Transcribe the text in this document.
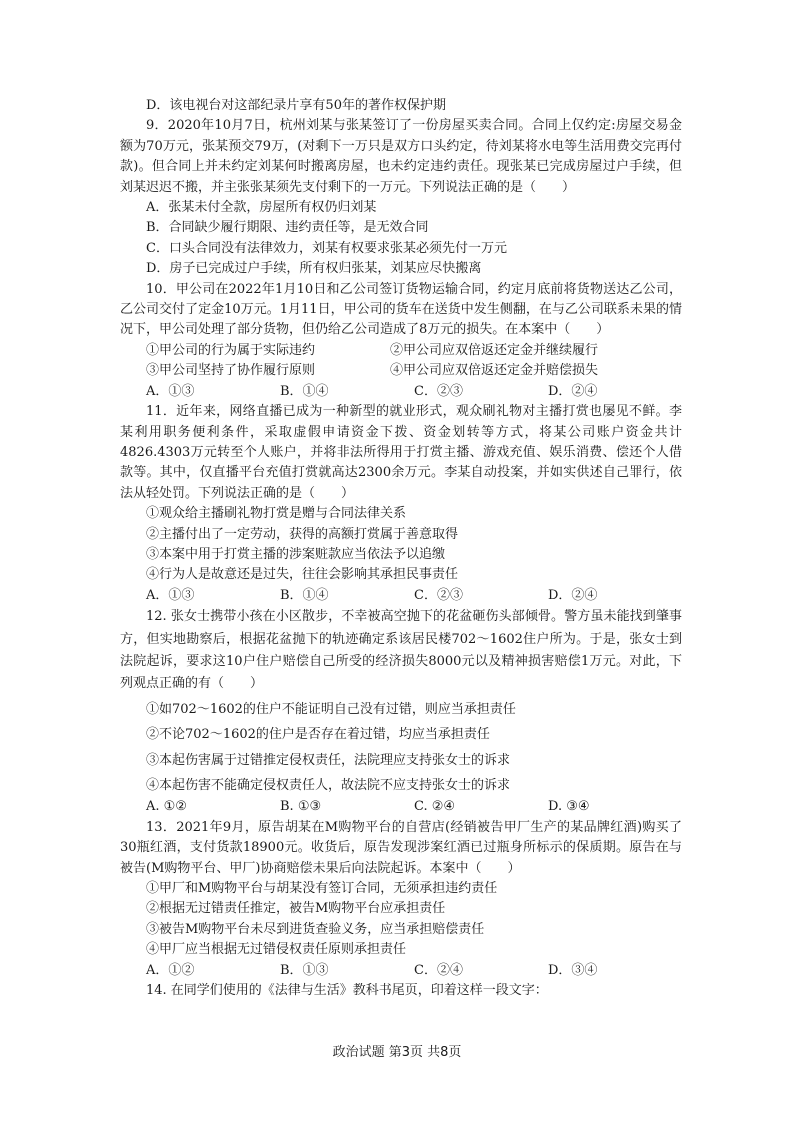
D．该电视台对这部纪录片享有50年的著作权保护期

9．2020年10月7日，杭州刘某与张某签订了一份房屋买卖合同。合同上仅约定:房屋交易金额为70万元，张某预交79万，(对剩下一万只是双方口头约定，待刘某将水电等生活用费交完再付款)。但合同上并未约定刘某何时搬离房屋，也未约定违约责任。现张某已完成房屋过户手续，但刘某迟迟不搬，并主张张某须先支付剩下的一万元。下列说法正确的是（　　）

A．张某未付全款，房屋所有权仍归刘某

B．合同缺少履行期限、违约责任等，是无效合同

C．口头合同没有法律效力，刘某有权要求张某必须先付一万元

D．房子已完成过户手续，所有权归张某，刘某应尽快搬离

10．甲公司在2022年1月10日和乙公司签订货物运输合同，约定月底前将货物送达乙公司，乙公司交付了定金10万元。1月11日，甲公司的货车在送货中发生侧翻，在与乙公司联系未果的情况下，甲公司处理了部分货物，但仍给乙公司造成了8万元的损失。在本案中（　　）

①甲公司的行为属于实际违约	②甲公司应双倍返还定金并继续履行
③甲公司坚持了协作履行原则	④甲公司应双倍返还定金并赔偿损失
A．①③	B．①④	C．②③	D．②④

11．近年来，网络直播已成为一种新型的就业形式，观众刷礼物对主播打赏也屡见不鲜。李某利用职务便利条件，采取虚假申请资金下拨、资金划转等方式，将某公司账户资金共计4826.4303万元转至个人账户，并将非法所得用于打赏主播、游戏充值、娱乐消费、偿还个人借款等。其中，仅直播平台充值打赏就高达2300余万元。李某自动投案，并如实供述自己罪行，依法从轻处罚。下列说法正确的是（　　）

①观众给主播刷礼物打赏是赠与合同法律关系

②主播付出了一定劳动，获得的高额打赏属于善意取得

③本案中用于打赏主播的涉案赃款应当依法予以追缴

④行为人是故意还是过失，往往会影响其承担民事责任

A．①③	B．①④	C．②③	D．②④

12. 张女士携带小孩在小区散步，不幸被高空抛下的花盆砸伤头部倾骨。警方虽未能找到肇事方，但实地勘察后，根据花盆抛下的轨迹确定系该居民楼702～1602住户所为。于是，张女士到法院起诉，要求这10户住户赔偿自己所受的经济损失8000元以及精神损害赔偿1万元。对此，下列观点正确的有（　　）

①如702～1602的住户不能证明自己没有过错，则应当承担责任

②不论702～1602的住户是否存在着过错，均应当承担责任

③本起伤害属于过错推定侵权责任，法院理应支持张女士的诉求

④本起伤害不能确定侵权责任人，故法院不应支持张女士的诉求

A. ①②	B. ①③	C. ②④	D. ③④

13．2021年9月，原告胡某在M购物平台的自营店(经销被告甲厂生产的某品牌红酒)购买了30瓶红酒，支付货款18900元。收货后，原告发现涉案红酒已过瓶身所标示的保质期。原告在与被告(M购物平台、甲厂)协商赔偿未果后向法院起诉。本案中（　　）

①甲厂和M购物平台与胡某没有签订合同，无须承担违约责任

②根据无过错责任推定，被告M购物平台应承担责任

③被告M购物平台未尽到进货查验义务，应当承担赔偿责任

④甲厂应当根据无过错侵权责任原则承担责任

A．①②	B．①③	C．②④	D．③④

14. 在同学们使用的《法律与生活》教科书尾页，印着这样一段文字：

政治试题 第3页 共8页
